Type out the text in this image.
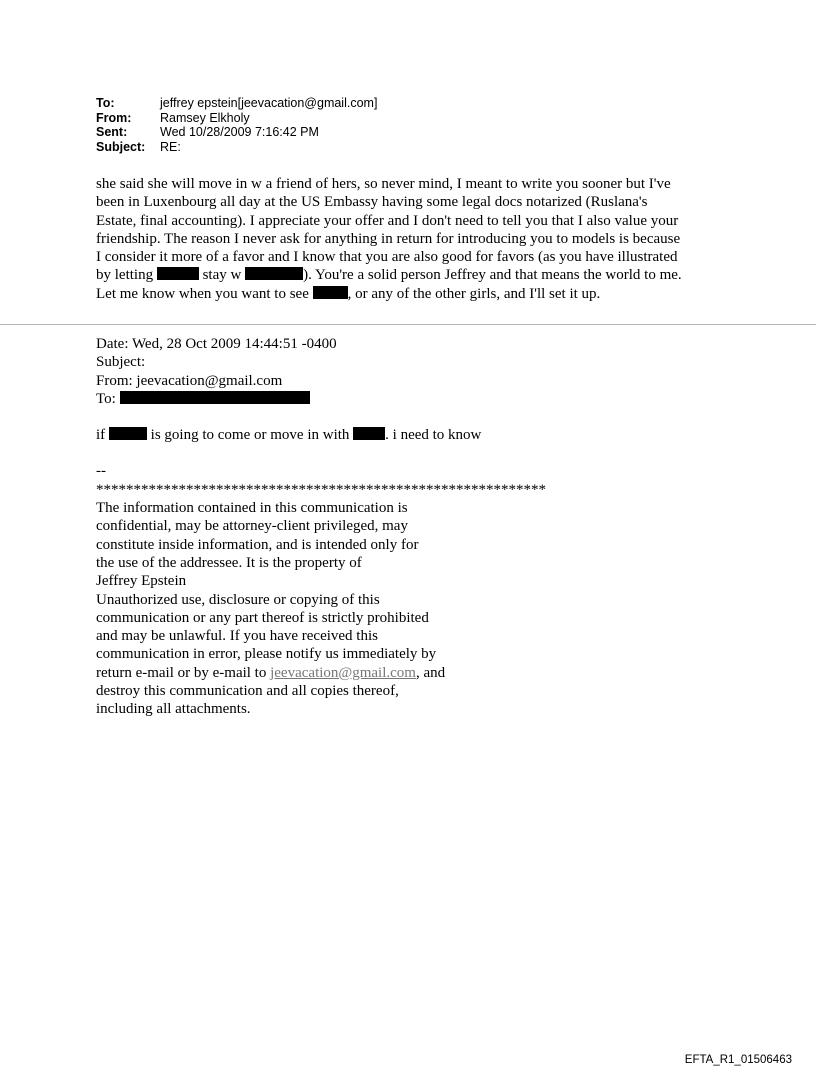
To:	jeffrey epstein[jeevacation@gmail.com]
From:	Ramsey Elkholy
Sent:	Wed 10/28/2009 7:16:42 PM
Subject:	RE:
she said she will move in w a friend of hers, so never mind, I meant to write you sooner but I've
been in Luxenbourg all day at the US Embassy having some legal docs notarized (Ruslana's
Estate, final accounting). I appreciate your offer and I don't need to tell you that I also value your
friendship. The reason I never ask for anything in return for introducing you to models is because
I consider it more of a favor and I know that you are also good for favors (as you have illustrated
by letting	stay w	). You're a solid person Jeffrey and that means the world to me.
Let me know when you want to see , or any of the other girls, and I'll set it up.
Date: Wed, 28 Oct 2009 14:44:51 -0400
Subject:
From: jeevacation@gmail.com
To:
if	is going to come or move in with . i need to know
--
************************************************************
The information contained in this communication is
confidential, may be attorney-client privileged, may
constitute inside information, and is intended only for
the use of the addressee. It is the property of
Jeffrey Epstein
Unauthorized use, disclosure or copying of this
communication or any part thereof is strictly prohibited
and may be unlawful. If you have received this
communication in error, please notify us immediately by
return e-mail or by e-mail to jeevacation@gmail.com, and
destroy this communication and all copies thereof,
including all attachments.
EFTA_R1_01506463
